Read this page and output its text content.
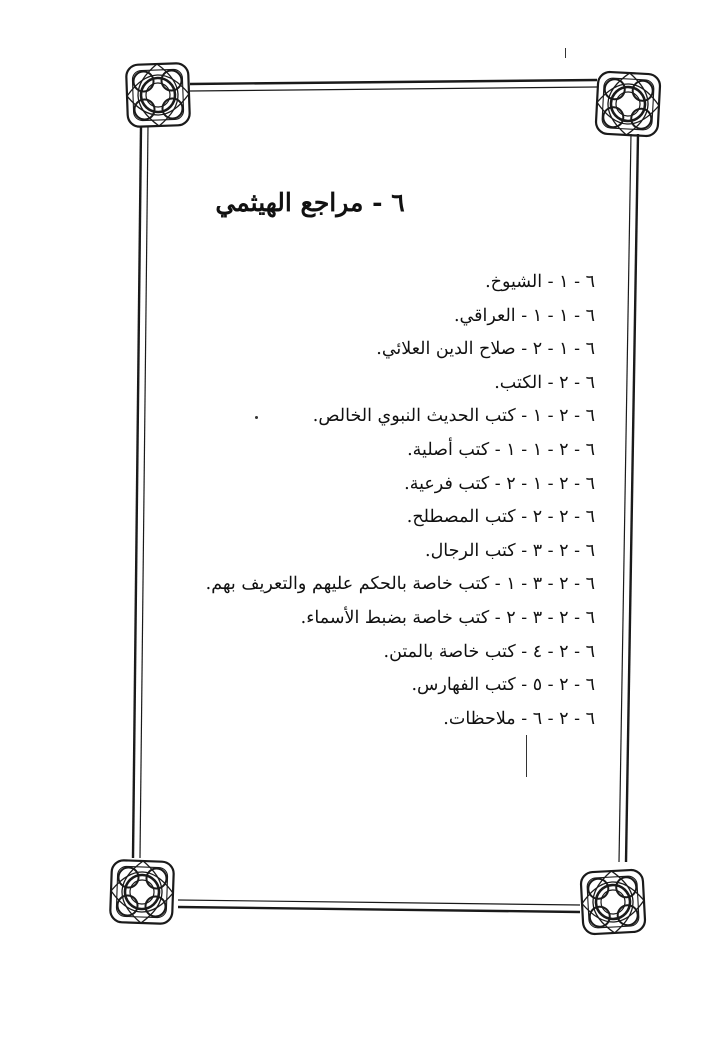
٦ - مراجع الهيثمي
٦ - ١ - الشيوخ.
٦ - ١ - ١ - العراقي.
٦ - ١ - ٢ - صلاح الدين العلائي.
٦ - ٢ - الكتب.
٦ - ٢ - ١ - كتب الحديث النبوي الخالص.
٦ - ٢ - ١ - ١ - كتب أصلية.
٦ - ٢ - ١ - ٢ - كتب فرعية.
٦ - ٢ - ٢ - كتب المصطلح.
٦ - ٢ - ٣ - كتب الرجال.
٦ - ٢ - ٣ - ١ - كتب خاصة بالحكم عليهم والتعريف بهم.
٦ - ٢ - ٣ - ٢ - كتب خاصة بضبط الأسماء.
٦ - ٢ - ٤ - كتب خاصة بالمتن.
٦ - ٢ - ٥ - كتب الفهارس.
٦ - ٢ - ٦ - ملاحظات.
